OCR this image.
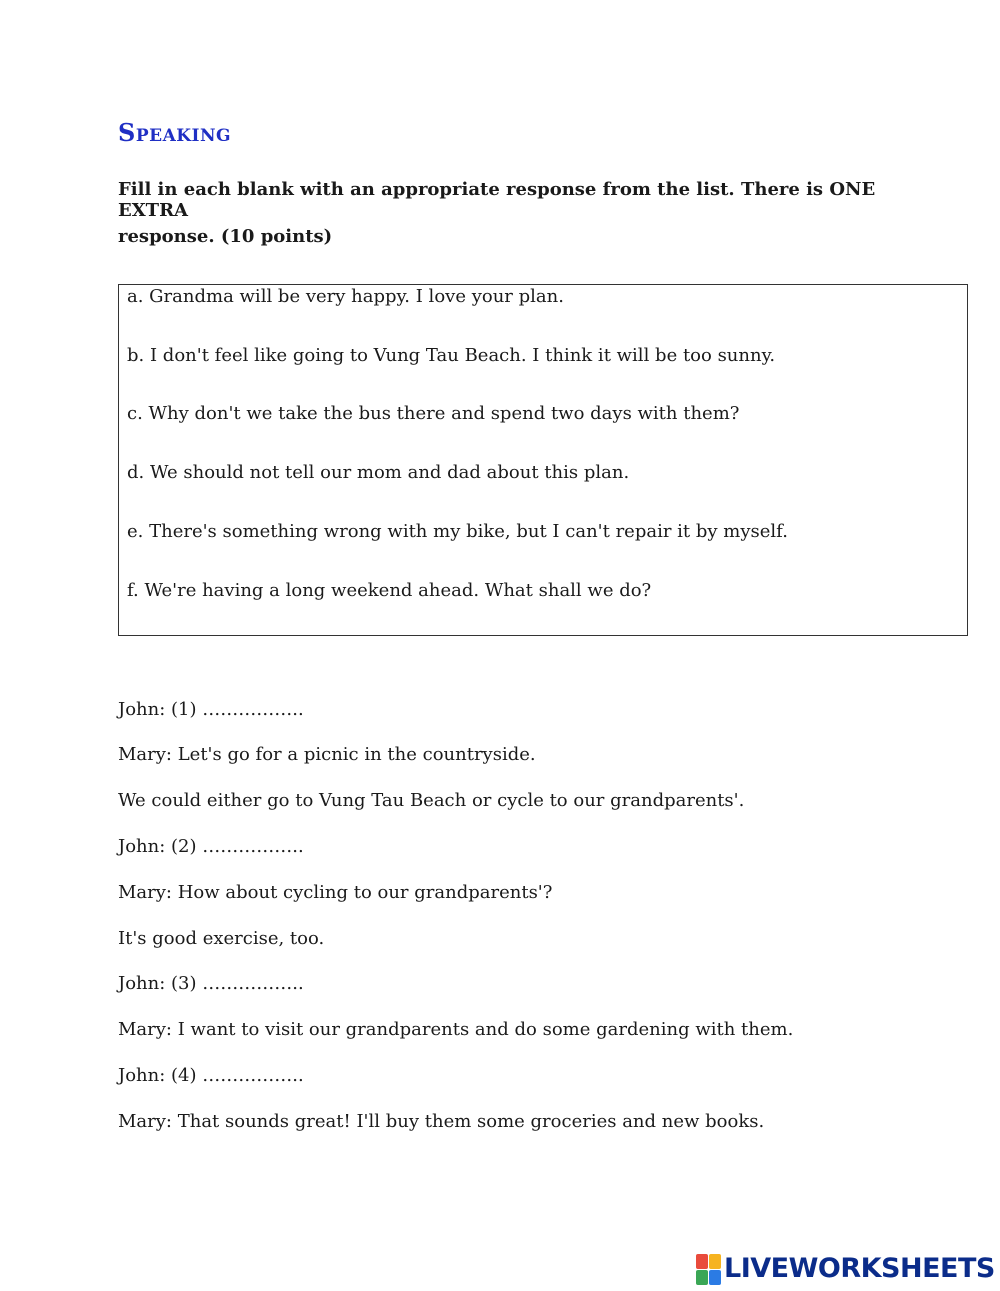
Speaking

Fill in each blank with an appropriate response from the list. There is ONE EXTRA

response. (10 points)

a. Grandma will be very happy. I love your plan.

b. I don't feel like going to Vung Tau Beach. I think it will be too sunny.

c. Why don't we take the bus there and spend two days with them?

d. We should not tell our mom and dad about this plan.

e. There's something wrong with my bike, but I can't repair it by myself.

f. We're having a long weekend ahead. What shall we do?

John: (1) ……………..

Mary: Let's go for a picnic in the countryside.

We could either go to Vung Tau Beach or cycle to our grandparents'.

John: (2) ……………..

Mary: How about cycling to our grandparents'?

It's good exercise, too.

John: (3) ……………..

Mary: I want to visit our grandparents and do some gardening with them.

John: (4) ……………..

Mary: That sounds great! I'll buy them some groceries and new books.

LIVEWORKSHEETS
